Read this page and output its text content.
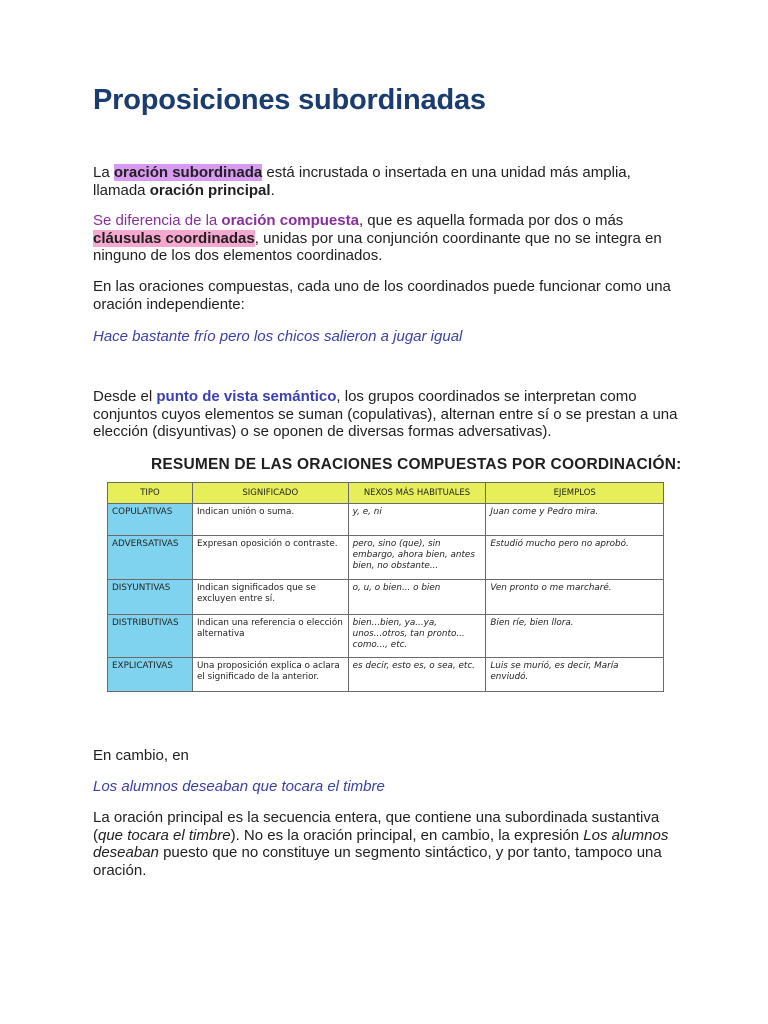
Proposiciones subordinadas

La oración subordinada está incrustada o insertada en una unidad más amplia, llamada oración principal.

Se diferencia de la oración compuesta, que es aquella formada por dos o más cláusulas coordinadas, unidas por una conjunción coordinante que no se integra en ninguno de los dos elementos coordinados.

En las oraciones compuestas, cada uno de los coordinados puede funcionar como una oración independiente:

Hace bastante frío pero los chicos salieron a jugar igual

Desde el punto de vista semántico, los grupos coordinados se interpretan como conjuntos cuyos elementos se suman (copulativas), alternan entre sí o se prestan a una elección (disyuntivas) o se oponen de diversas formas adversativas).

RESUMEN DE LAS ORACIONES COMPUESTAS POR COORDINACIÓN:
TIPO	SIGNIFICADO	NEXOS MÁS HABITUALES	EJEMPLOS
COPULATIVAS	Indican unión o suma.	y, e, ni	Juan come y Pedro mira.
ADVERSATIVAS	Expresan oposición o contraste.	pero, sino (que), sin embargo, ahora bien, antes bien, no obstante...	Estudió mucho pero no aprobó.
DISYUNTIVAS	Indican significados que se excluyen entre sí.	o, u, o bien... o bien	Ven pronto o me marcharé.
DISTRIBUTIVAS	Indican una referencia o elección alternativa	bien...bien, ya...ya, unos...otros, tan pronto... como..., etc.	Bien ríe, bien llora.
EXPLICATIVAS	Una proposición explica o aclara el significado de la anterior.	es decir, esto es, o sea, etc.	Luis se murió, es decir, María enviudó.

En cambio, en

Los alumnos deseaban que tocara el timbre

La oración principal es la secuencia entera, que contiene una subordinada sustantiva (que tocara el timbre). No es la oración principal, en cambio, la expresión Los alumnos deseaban puesto que no constituye un segmento sintáctico, y por tanto, tampoco una oración.
